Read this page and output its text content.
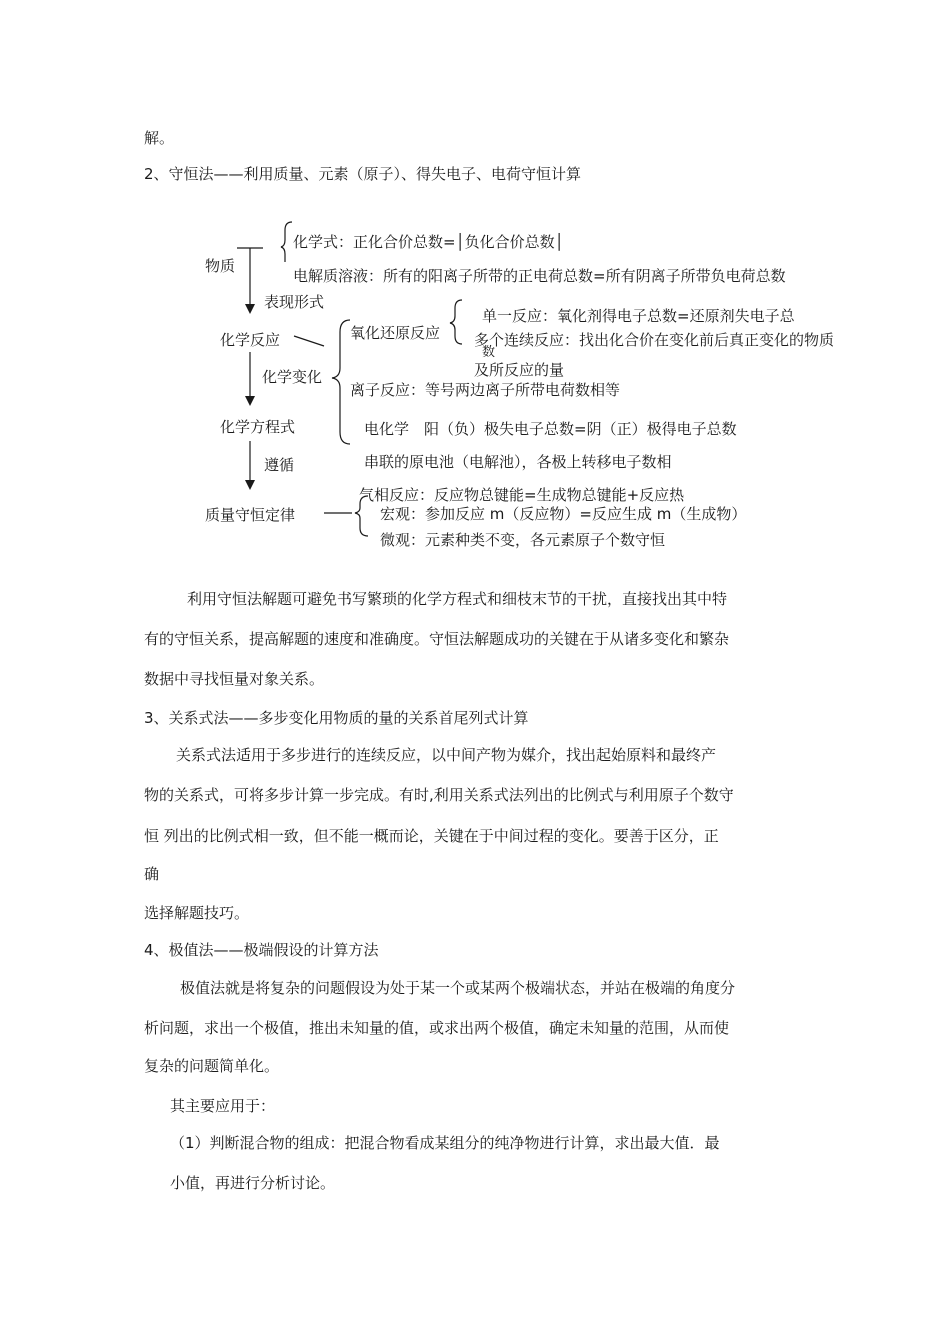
解。
2、守恒法——利用质量、元素（原子）、得失电子、电荷守恒计算
物质
化学式：正化合价总数=│负化合价总数│
电解质溶液：所有的阳离子所带的正电荷总数=所有阴离子所带负电荷总数
表现形式
化学反应	氧化还原反应
单一反应：氧化剂得电子总数=还原剂失电子总
多个连续反应：找出化合价在变化前后真正变化的物质
数
及所反应的量
化学变化
离子反应：等号两边离子所带电荷数相等
化学方程式	电化学　阳（负）极失电子总数=阴（正）极得电子总数
遵循	串联的原电池（电解池），各极上转移电子数相
气相反应：反应物总键能=生成物总键能+反应热
质量守恒定律	宏观：参加反应 m（反应物）=反应生成 m（生成物）
微观：元素种类不变，各元素原子个数守恒
利用守恒法解题可避免书写繁琐的化学方程式和细枝末节的干扰，直接找出其中特
有的守恒关系，提高解题的速度和准确度。守恒法解题成功的关键在于从诸多变化和繁杂
数据中寻找恒量对象关系。
3、关系式法——多步变化用物质的量的关系首尾列式计算
关系式法适用于多步进行的连续反应，以中间产物为媒介，找出起始原料和最终产
物的关系式，可将多步计算一步完成。有时,利用关系式法列出的比例式与利用原子个数守
恒 列出的比例式相一致，但不能一概而论，关键在于中间过程的变化。要善于区分，正
确
选择解题技巧。
4、极值法——极端假设的计算方法
极值法就是将复杂的问题假设为处于某一个或某两个极端状态，并站在极端的角度分
析问题，求出一个极值，推出未知量的值，或求出两个极值，确定未知量的范围，从而使
复杂的问题简单化。
其主要应用于：
（1）判断混合物的组成：把混合物看成某组分的纯净物进行计算，求出最大值．最
小值，再进行分析讨论。
